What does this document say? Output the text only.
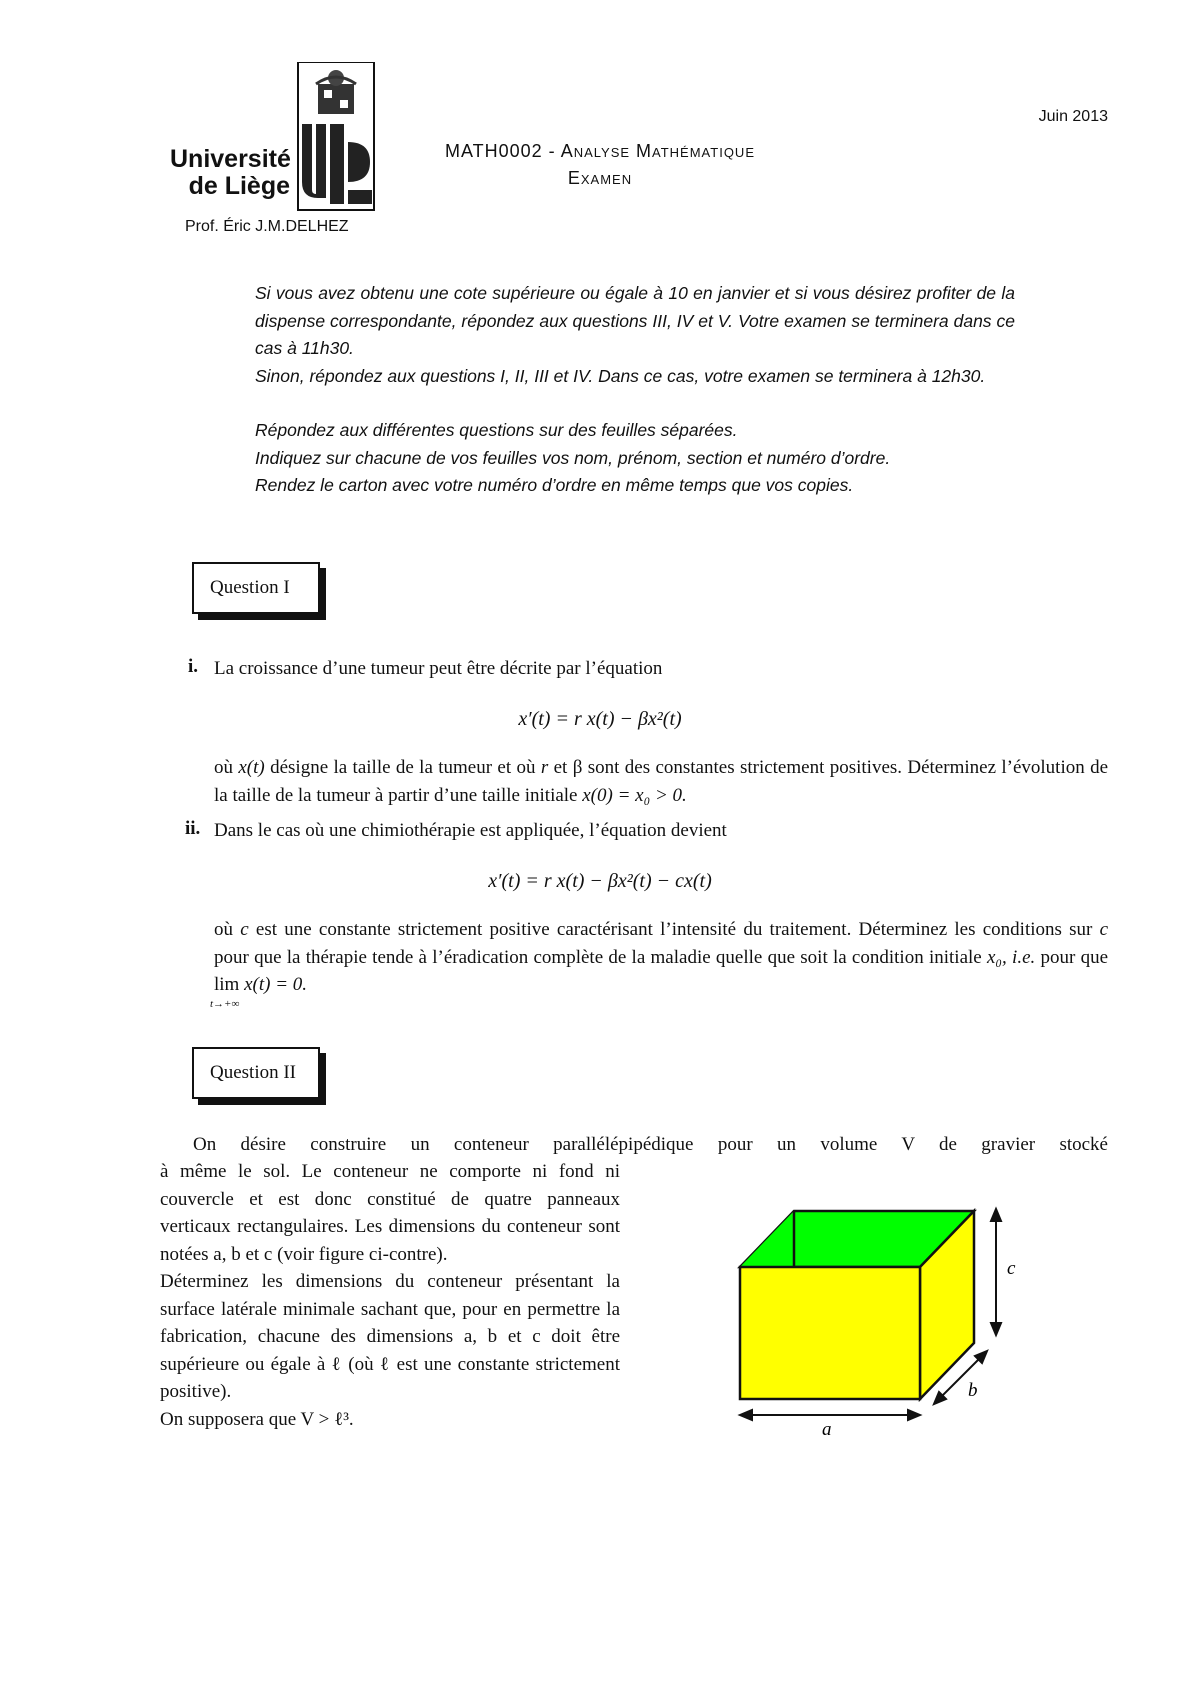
Université
de Liège
Prof. Éric J.M.DELHEZ
Juin 2013
MATH0002 - Analyse Mathématique
Examen

Si vous avez obtenu une cote supérieure ou égale à 10 en janvier et si vous désirez profiter de la dispense correspondante, répondez aux questions III, IV et V. Votre examen se terminera dans ce cas à 11h30.

Sinon, répondez aux questions I, II, III et IV. Dans ce cas, votre examen se terminera à 12h30.

Répondez aux différentes questions sur des feuilles séparées.

Indiquez sur chacune de vos feuilles vos nom, prénom, section et numéro d’ordre.

Rendez le carton avec votre numéro d’ordre en même temps que vos copies.

Question I
i. La croissance d’une tumeur peut être décrite par l’équation
x′(t) = r x(t) − βx²(t)
où x(t) désigne la taille de la tumeur et où r et β sont des constantes strictement positives. Déterminez l’évolution de la taille de la tumeur à partir d’une taille initiale x(0) = x₀ > 0.
ii. Dans le cas où une chimiothérapie est appliquée, l’équation devient
x′(t) = r x(t) − βx²(t) − cx(t)
où c est une constante strictement positive caractérisant l’intensité du traitement. Déterminez les conditions sur c pour que la thérapie tende à l’éradication complète de la maladie quelle que soit la condition initiale x₀, i.e. pour que lim
t→+∞
x(t) = 0.
Question II
On désire construire un conteneur parallélépipédique pour un volume V de gravier stocké
à même le sol. Le conteneur ne comporte ni fond ni couvercle et est donc constitué de quatre panneaux verticaux rectangulaires. Les dimensions du conteneur sont notées a, b et c (voir figure ci-contre).
Déterminez les dimensions du conteneur présentant la surface latérale minimale sachant que, pour en permettre la fabrication, chacune des dimensions a, b et c doit être supérieure ou égale à ℓ (où ℓ est une constante strictement positive).
On supposera que V > ℓ³.	a
b
c
